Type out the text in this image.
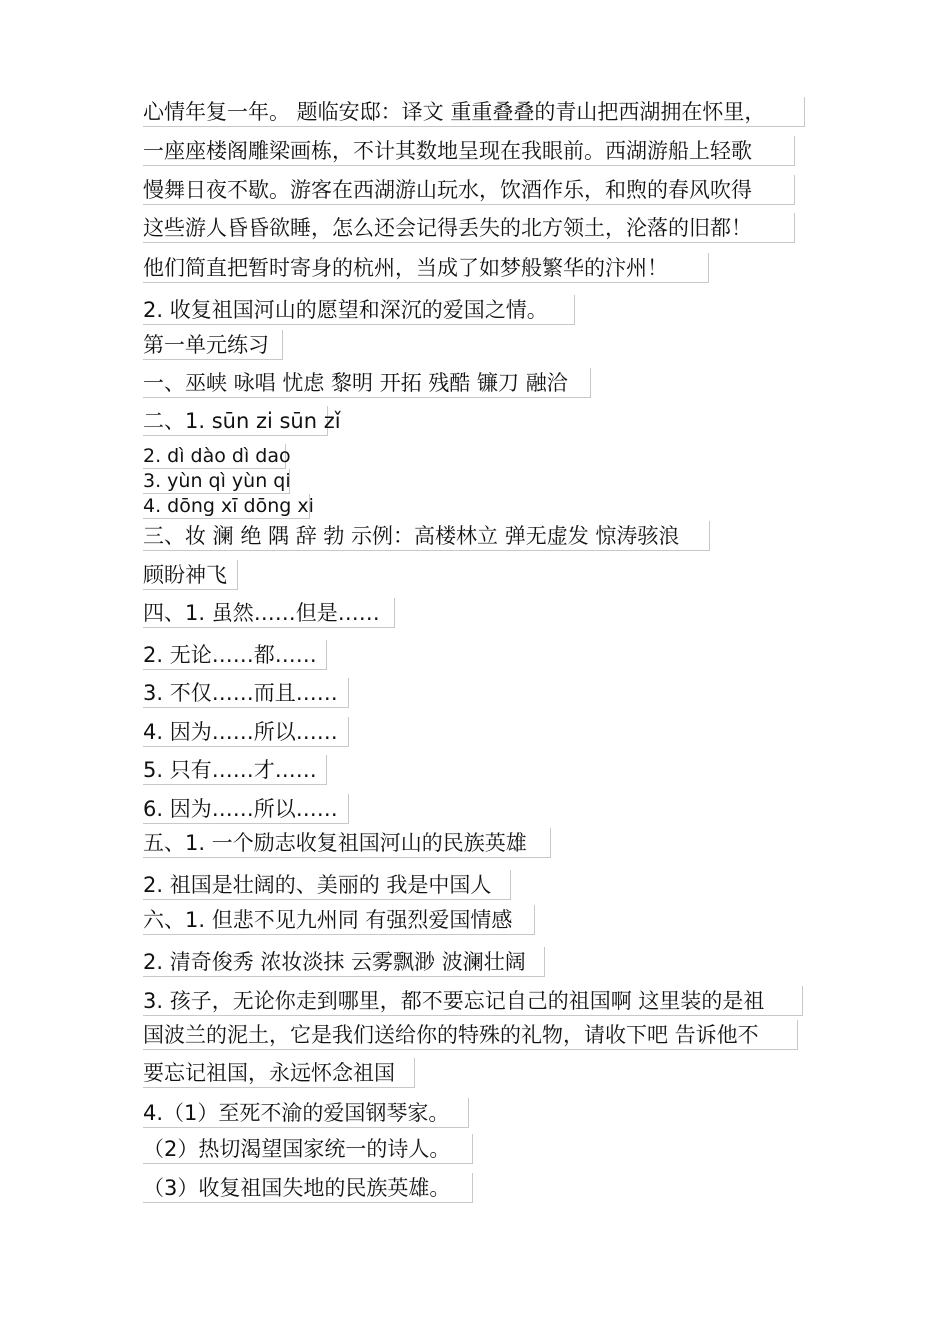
心情年复一年。 题临安邸：译文 重重叠叠的青山把西湖拥在怀里，
一座座楼阁雕梁画栋，不计其数地呈现在我眼前。西湖游船上轻歌
慢舞日夜不歇。游客在西湖游山玩水，饮酒作乐，和煦的春风吹得
这些游人昏昏欲睡，怎么还会记得丢失的北方领土，沦落的旧都！
他们简直把暂时寄身的杭州，当成了如梦般繁华的汴州！
2. 收复祖国河山的愿望和深沉的爱国之情。
第一单元练习
一、巫峡 咏唱 忧虑 黎明 开拓 残酷 镰刀 融洽
二、1. sūn zi sūn zǐ
2. dì dào dì dao
3. yùn qì yùn qi
4. dōng xī dōng xi
三、妆 澜 绝 隅 辞 勃 示例：高楼林立 弹无虚发 惊涛骇浪
顾盼神飞
四、1. 虽然……但是……
2. 无论……都……
3. 不仅……而且……
4. 因为……所以……
5. 只有……才……
6. 因为……所以……
五、1. 一个励志收复祖国河山的民族英雄
2. 祖国是壮阔的、美丽的 我是中国人
六、1. 但悲不见九州同 有强烈爱国情感
2. 清奇俊秀 浓妆淡抹 云雾飘渺 波澜壮阔
3. 孩子，无论你走到哪里，都不要忘记自己的祖国啊 这里装的是祖
国波兰的泥土，它是我们送给你的特殊的礼物，请收下吧 告诉他不
要忘记祖国，永远怀念祖国
4.（1）至死不渝的爱国钢琴家。
（2）热切渴望国家统一的诗人。
（3）收复祖国失地的民族英雄。
